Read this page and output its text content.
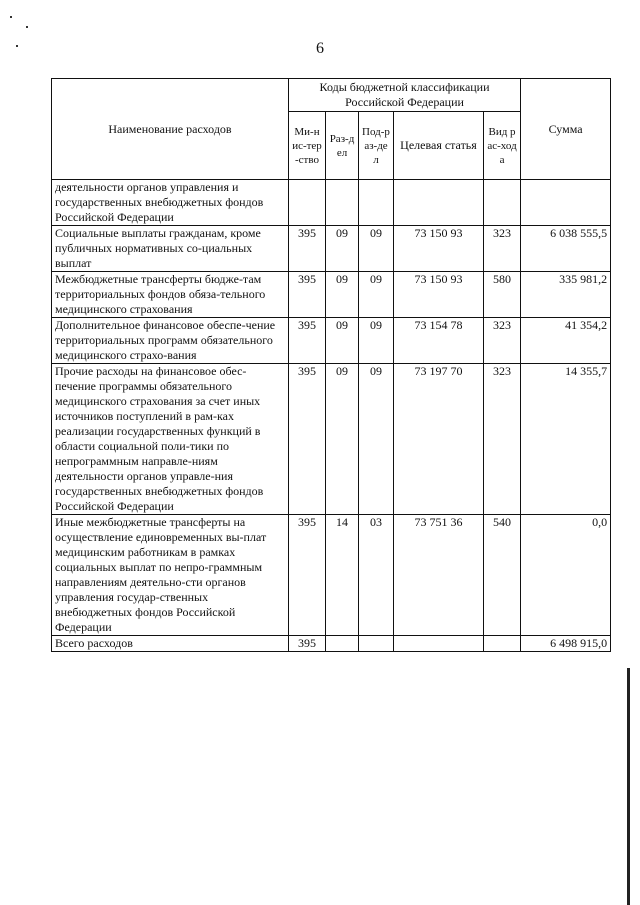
6
Наименование расходов	Коды бюджетной классификации Российской Федерации					Сумма
	Ми-нис-тер-ство	Раз-дел	Под-раз-дел	Целевая статья	Вид рас-хода	
деятельности органов управления и государственных внебюджетных фондов Российской Федерации						
Социальные выплаты гражданам, кроме публичных нормативных со-циальных выплат	395	09	09	73 150 93	323	6 038 555,5
Межбюджетные трансферты бюдже-там территориальных фондов обяза-тельного медицинского страхования	395	09	09	73 150 93	580	335 981,2
Дополнительное финансовое обеспе-чение территориальных программ обязательного медицинского страхо-вания	395	09	09	73 154 78	323	41 354,2
Прочие расходы на финансовое обес-печение программы обязательного медицинского страхования за счет иных источников поступлений в рам-ках реализации государственных функций в области социальной поли-тики по непрограммным направле-ниям деятельности органов управле-ния государственных внебюджетных фондов Российской Федерации	395	09	09	73 197 70	323	14 355,7
Иные межбюджетные трансферты на осуществление единовременных вы-плат медицинским работникам в рамках социальных выплат по непро-граммным направлениям деятельно-сти органов управления государ-ственных внебюджетных фондов Российской Федерации	395	14	03	73 751 36	540	0,0
Всего расходов	395					6 498 915,0
